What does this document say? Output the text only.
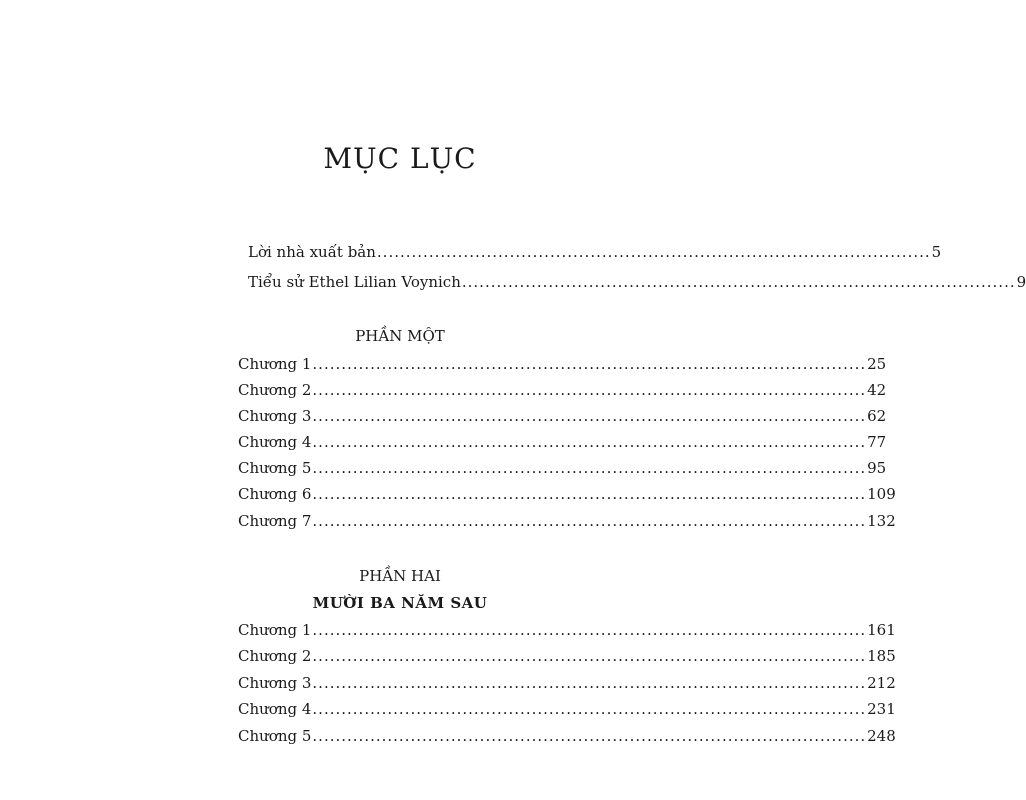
MỤC LỤC
Lời nhà xuất bản ................................................................................................ 5
Tiểu sử Ethel Lilian Voynich ................................................................................................ 9
PHẦN MỘT
Chương 1 ................................................................................................ 25
Chương 2 ................................................................................................ 42
Chương 3 ................................................................................................ 62
Chương 4 ................................................................................................ 77
Chương 5 ................................................................................................ 95
Chương 6 ................................................................................................ 109
Chương 7 ................................................................................................ 132
PHẦN HAI
MƯỜI BA NĂM SAU
Chương 1 ................................................................................................ 161
Chương 2 ................................................................................................ 185
Chương 3 ................................................................................................ 212
Chương 4 ................................................................................................ 231
Chương 5 ................................................................................................ 248
